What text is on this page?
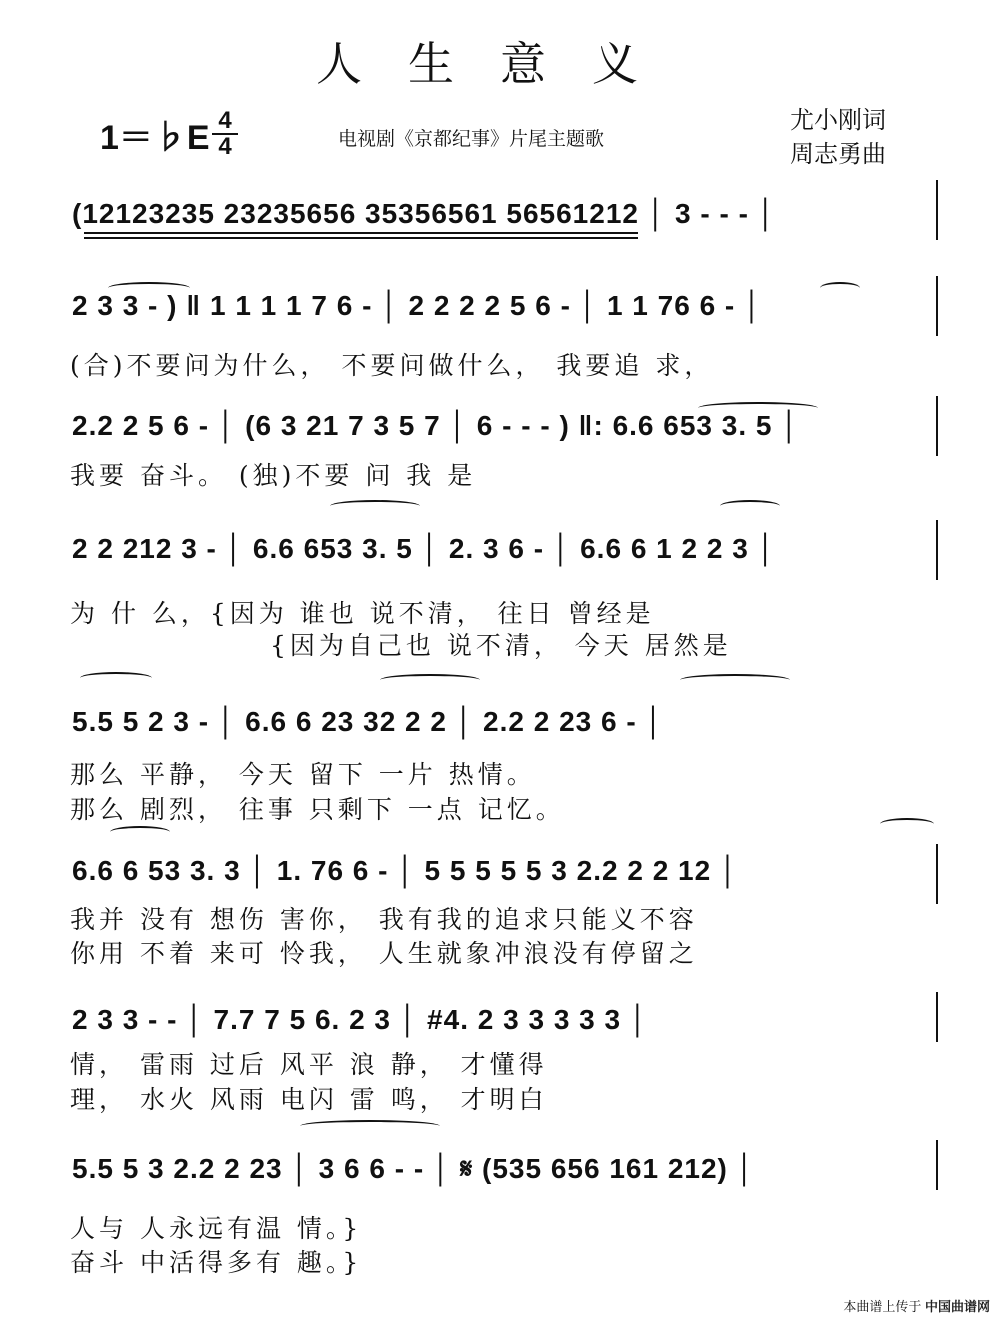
人生意义
1＝♭E 4
4	电视剧《京都纪事》片尾主题歌
尤小刚词
周志勇曲
(12123235 23235656 35356561 56561212 │ 3 - - - │
2 3 3 - ) ‖ 1 1 1 1 7 6 - │ 2 2 2 2 5 6 - │ 1 1 76 6 - │
(合)不要问为什么， 不要问做什么， 我要追 求，
2.2 2 5 6 - │ (6 3 21 7 3 5 7 │ 6 - - - ) ‖: 6.6 653 3. 5 │
我要 奋斗。 (独)不要 问 我 是
2 2 212 3 - │ 6.6 653 3. 5 │ 2. 3 6 - │ 6.6 6 1 2 2 3 │
为 什 么，{因为 谁也 说不清， 往日 曾经是
{因为自己也 说不清， 今天 居然是
5.5 5 2 3 - │ 6.6 6 23 32 2 2 │ 2.2 2 23 6 - │
那么 平静， 今天 留下 一片 热情。
那么 剧烈， 往事 只剩下 一点 记忆。
6.6 6 53 3. 3 │ 1. 76 6 - │ 5 5 5 5 5 3 2.2 2 2 12 │
我并 没有 想伤 害你， 我有我的追求只能义不容
你用 不着 来可 怜我， 人生就象冲浪没有停留之
2 3 3 - - │ 7.7 7 5 6. 2 3 │ #4. 2 3 3 3 3 3 │
情， 雷雨 过后 风平 浪 静， 才懂得
理， 水火 风雨 电闪 雷 鸣， 才明白
5.5 5 3 2.2 2 23 │ 3 6 6 - - │ 𝄋 (535 656 161 212) │
人与 人永远有温 情。}
奋斗 中活得多有 趣。}
本曲谱上传于 中国曲谱网
